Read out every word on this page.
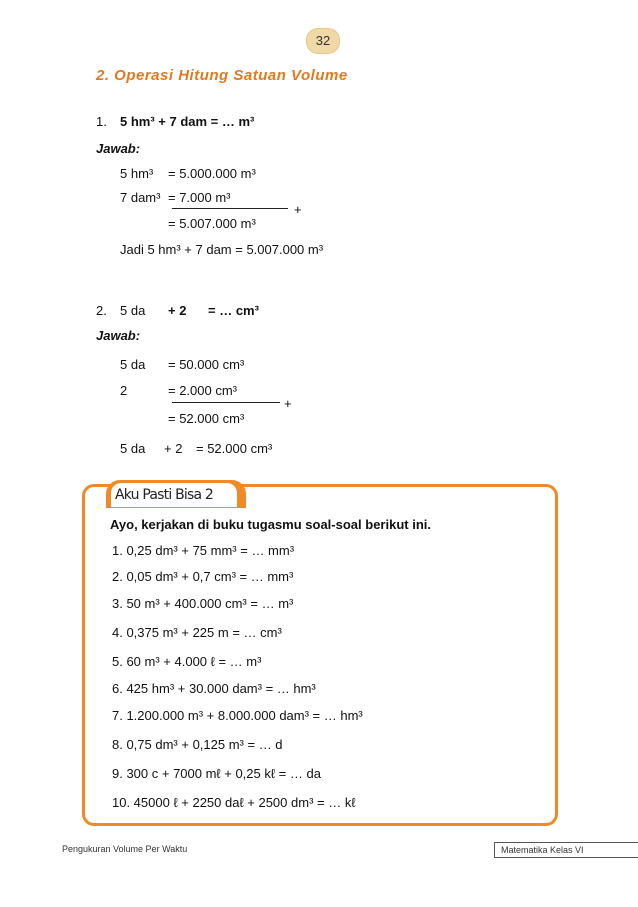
32
2. Operasi Hitung Satuan Volume
1. 5 hm³ + 7 dam = … m³
Jawab:
5 hm³ = 5.000.000 m³
7 dam³ = 7.000 m³
+
= 5.007.000 m³
Jadi 5 hm³ + 7 dam = 5.007.000 m³
2. 5 da + 2 = … cm³
Jawab:
5 da = 50.000 cm³
2	= 2.000 cm³
+
= 52.000 cm³
5 da + 2 = 52.000 cm³
Aku Pasti Bisa 2
Ayo, kerjakan di buku tugasmu soal-soal berikut ini.
1. 0,25 dm³ + 75 mm³ = … mm³
2. 0,05 dm³ + 0,7 cm³ = … mm³
3. 50 m³ + 400.000 cm³ = … m³
4. 0,375 m³ + 225 m = … cm³
5. 60 m³ + 4.000 ℓ = … m³
6. 425 hm³ + 30.000 dam³ = … hm³
7. 1.200.000 m³ + 8.000.000 dam³ = … hm³
8. 0,75 dm³ + 0,125 m³ = … d
9. 300 c + 7000 mℓ + 0,25 kℓ = … da
10. 45000 ℓ + 2250 daℓ + 2500 dm³ = … kℓ
Pengukuran Volume Per Waktu	Matematika Kelas VI
